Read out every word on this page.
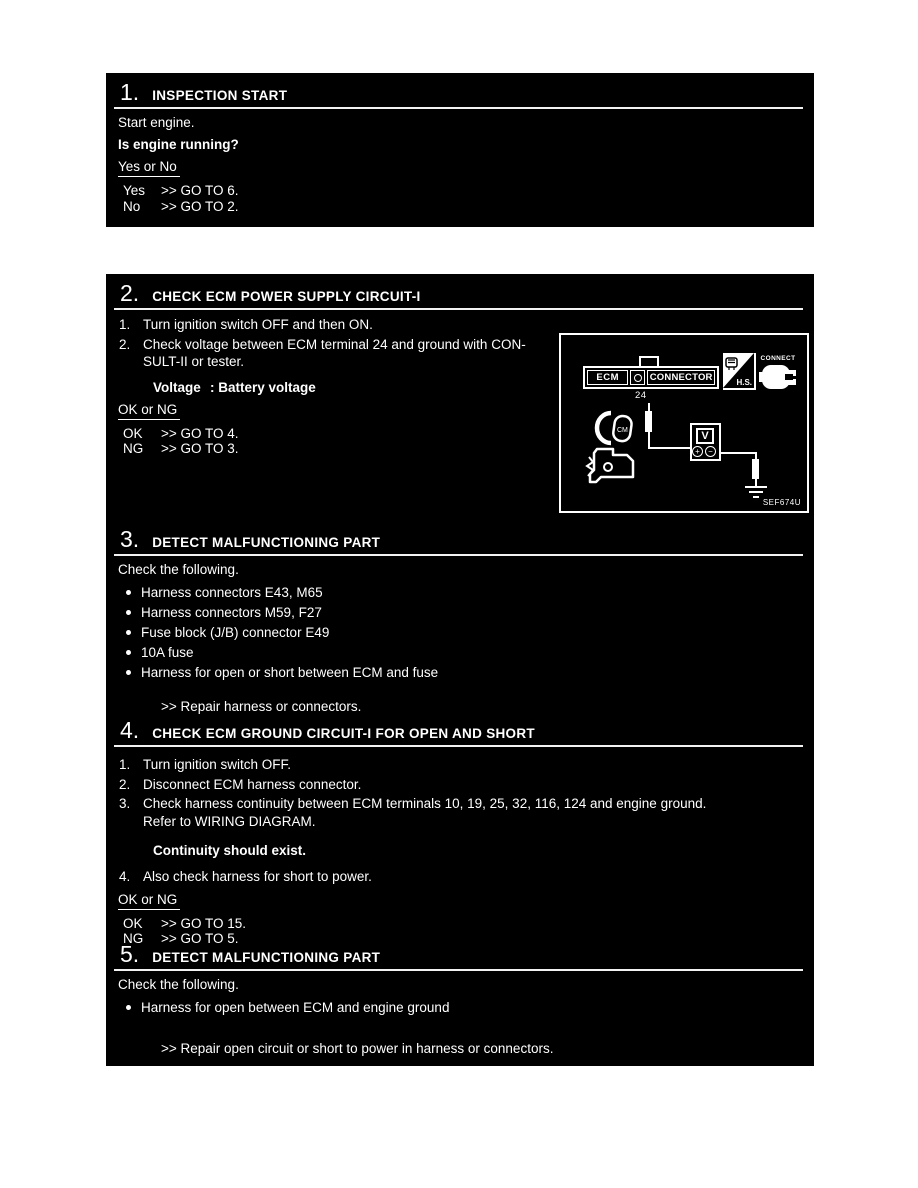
1. INSPECTION START
Start engine.
Is engine running?
Yes or No
Yes	>> GO TO 6.
No	>> GO TO 2.
2. CHECK ECM POWER SUPPLY CIRCUIT-I
1. Turn ignition switch OFF and then ON.
2. Check voltage between ECM terminal 24 and ground with CON-
SULT-II or tester.
Voltage : Battery voltage
OK or NG
OK	>> GO TO 4.
NG	>> GO TO 3.
ECM	CONNECTOR
24
V
+	−
H.S.
CONNECT
CM
SEF674U
3. DETECT MALFUNCTIONING PART
Check the following.
Harness connectors E43, M65
Harness connectors M59, F27
Fuse block (J/B) connector E49
10A fuse
Harness for open or short between ECM and fuse
>> Repair harness or connectors.
4. CHECK ECM GROUND CIRCUIT-I FOR OPEN AND SHORT
1. Turn ignition switch OFF.
2. Disconnect ECM harness connector.
3. Check harness continuity between ECM terminals 10, 19, 25, 32, 116, 124 and engine ground.
Refer to WIRING DIAGRAM.
Continuity should exist.
4. Also check harness for short to power.
OK or NG
OK	>> GO TO 15.
NG	>> GO TO 5.
5. DETECT MALFUNCTIONING PART
Check the following.
Harness for open between ECM and engine ground
>> Repair open circuit or short to power in harness or connectors.
